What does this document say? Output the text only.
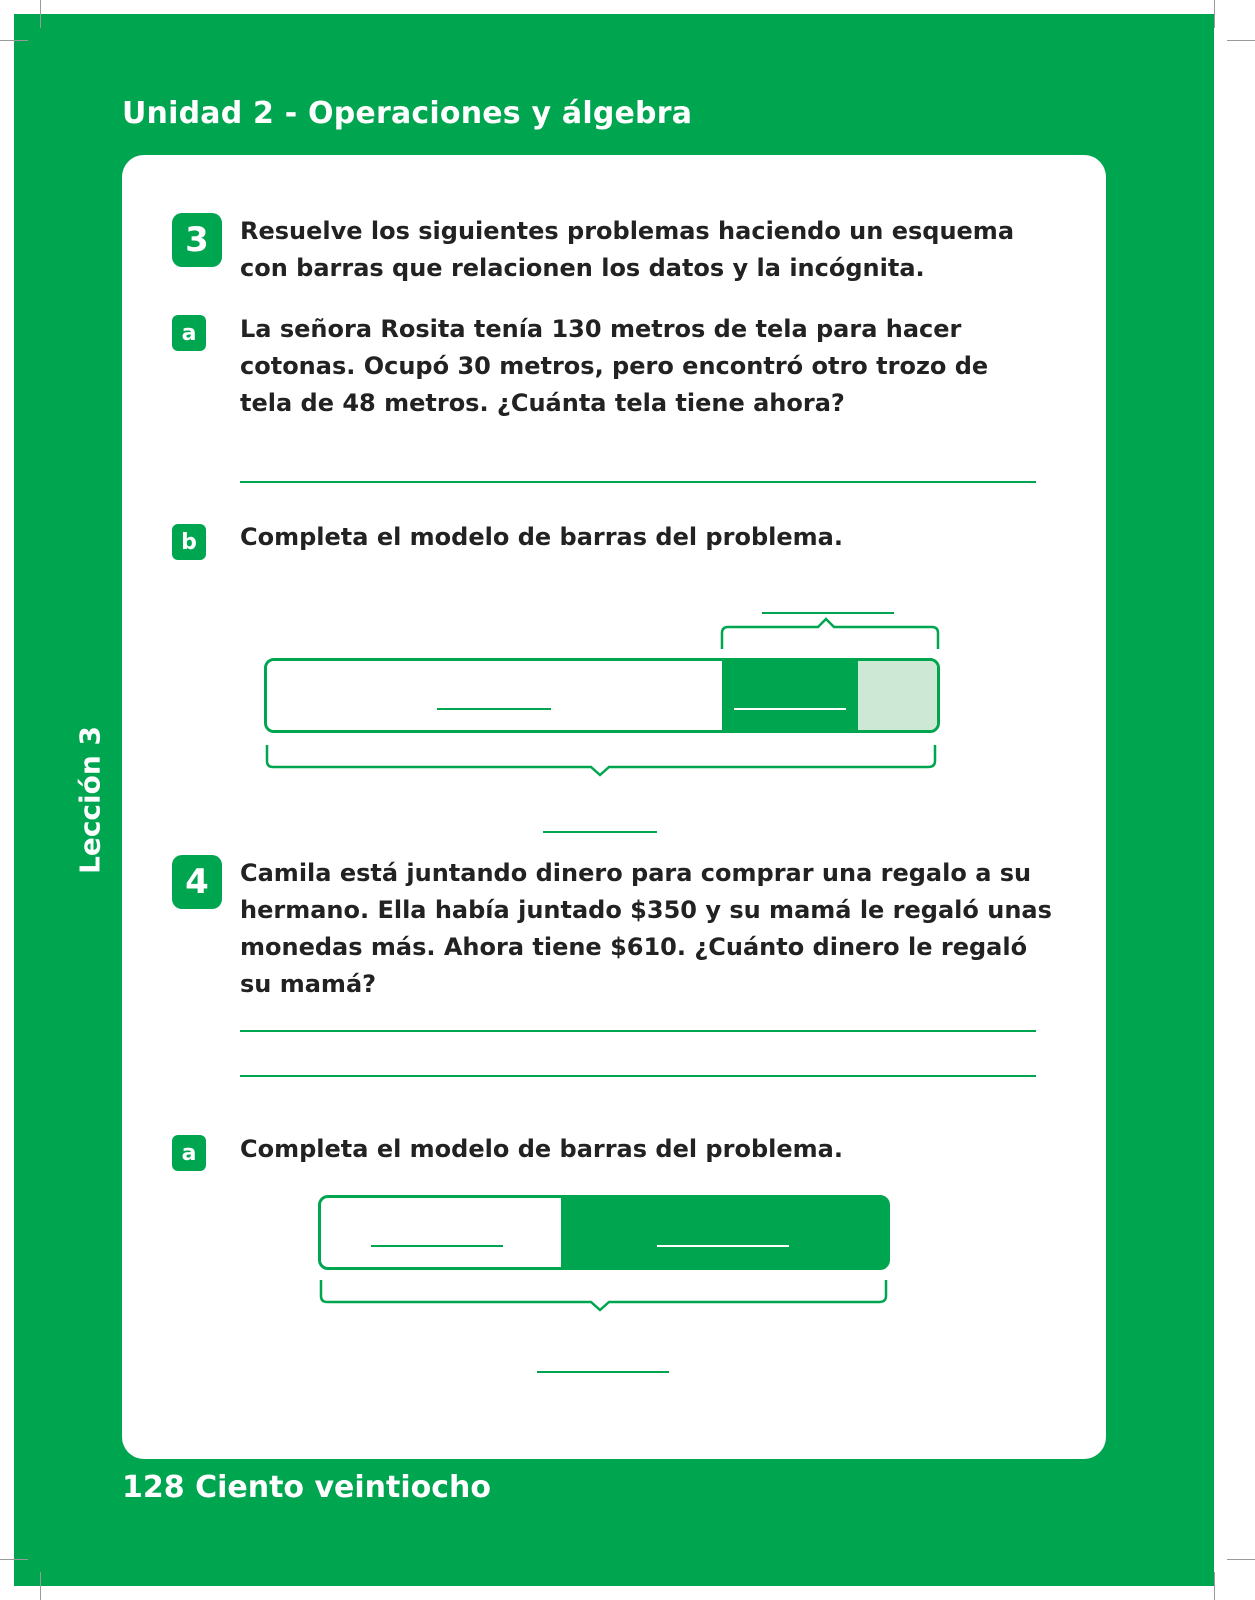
Unidad 2 - Operaciones y álgebra
Lección 3
128 Ciento veintiocho
3	Resuelve los siguientes problemas haciendo un esquema
con barras que relacionen los datos y la incógnita.
a	La señora Rosita tenía 130 metros de tela para hacer
cotonas. Ocupó 30 metros, pero encontró otro trozo de
tela de 48 metros. ¿Cuánta tela tiene ahora?
b	Completa el modelo de barras del problema.
4	Camila está juntando dinero para comprar una regalo a su
hermano. Ella había juntado $350 y su mamá le regaló unas
monedas más. Ahora tiene $610. ¿Cuánto dinero le regaló
su mamá?
a	Completa el modelo de barras del problema.
